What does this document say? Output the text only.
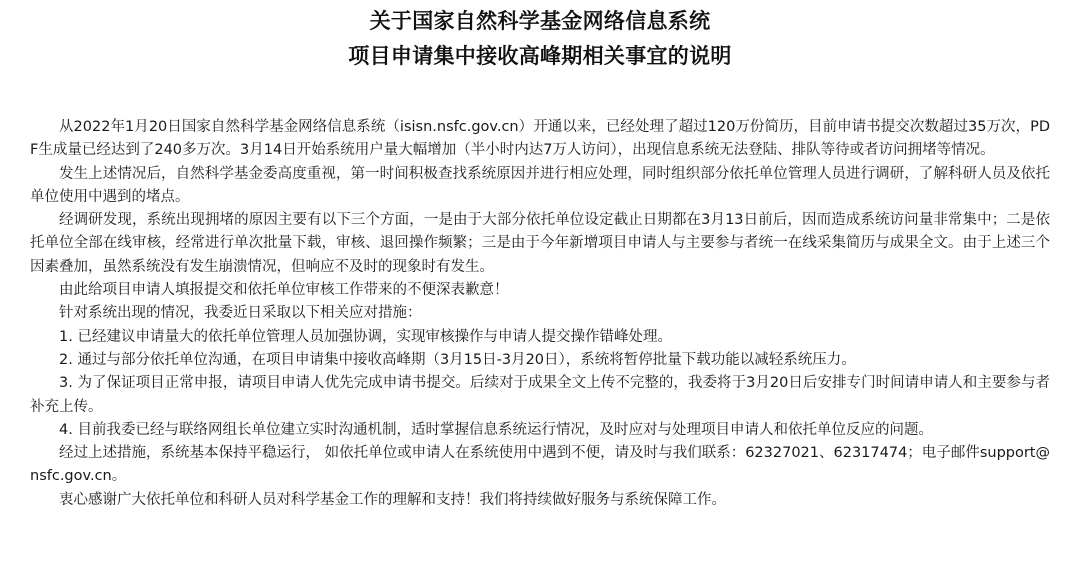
关于国家自然科学基金网络信息系统

项目申请集中接收高峰期相关事宜的说明

从2022年1月20日国家自然科学基金网络信息系统（isisn.nsfc.gov.cn）开通以来，已经处理了超过120万份简历，目前申请书提交次数超过35万次，PDF生成量已经达到了240多万次。3月14日开始系统用户量大幅增加（半小时内达7万人访问），出现信息系统无法登陆、排队等待或者访问拥堵等情况。

发生上述情况后，自然科学基金委高度重视，第一时间积极查找系统原因并进行相应处理，同时组织部分依托单位管理人员进行调研，了解科研人员及依托单位使用中遇到的堵点。

经调研发现，系统出现拥堵的原因主要有以下三个方面，一是由于大部分依托单位设定截止日期都在3月13日前后，因而造成系统访问量非常集中；二是依托单位全部在线审核，经常进行单次批量下载，审核、退回操作频繁；三是由于今年新增项目申请人与主要参与者统一在线采集简历与成果全文。由于上述三个因素叠加，虽然系统没有发生崩溃情况，但响应不及时的现象时有发生。

由此给项目申请人填报提交和依托单位审核工作带来的不便深表歉意！

针对系统出现的情况，我委近日采取以下相关应对措施：

1. 已经建议申请量大的依托单位管理人员加强协调，实现审核操作与申请人提交操作错峰处理。

2. 通过与部分依托单位沟通，在项目申请集中接收高峰期（3月15日-3月20日），系统将暂停批量下载功能以减轻系统压力。

3. 为了保证项目正常申报，请项目申请人优先完成申请书提交。后续对于成果全文上传不完整的，我委将于3月20日后安排专门时间请申请人和主要参与者补充上传。

4. 目前我委已经与联络网组长单位建立实时沟通机制，适时掌握信息系统运行情况，及时应对与处理项目申请人和依托单位反应的问题。

经过上述措施，系统基本保持平稳运行， 如依托单位或申请人在系统使用中遇到不便，请及时与我们联系：62327021、62317474；电子邮件support@nsfc.gov.cn。

衷心感谢广大依托单位和科研人员对科学基金工作的理解和支持！我们将持续做好服务与系统保障工作。
